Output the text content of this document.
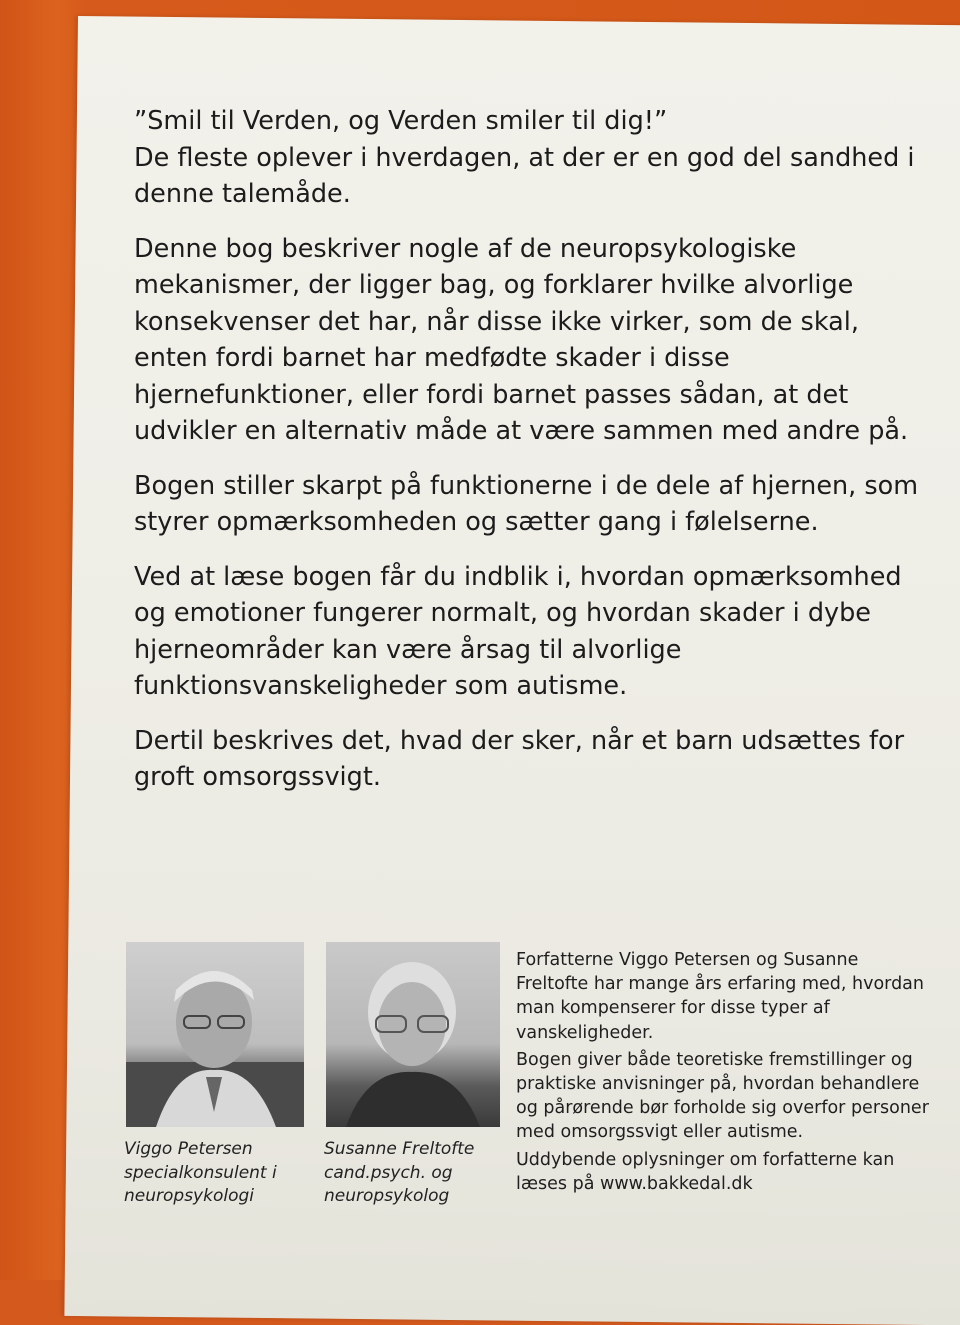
”Smil til Verden, og Verden smiler til dig!”
De fleste oplever i hverdagen, at der er en god del sandhed i denne talemåde.

Denne bog beskriver nogle af de neuropsykologiske mekanismer, der ligger bag, og forklarer hvilke alvorlige konsekvenser det har, når disse ikke virker, som de skal, enten fordi barnet har medfødte skader i disse hjernefunktioner, eller fordi barnet passes sådan, at det udvikler en alternativ måde at være sammen med andre på.

Bogen stiller skarpt på funktionerne i de dele af hjernen, som styrer opmærksomheden og sætter gang i følelserne.

Ved at læse bogen får du indblik i, hvordan opmærksomhed og emotioner fungerer normalt, og hvordan skader i dybe hjerneområder kan være årsag til alvorlige funktionsvanskeligheder som autisme.

Dertil beskrives det, hvad der sker, når et barn udsættes for groft omsorgssvigt.

Viggo Petersen
specialkonsulent i
neuropsykologi
Susanne Freltofte
cand.psych. og
neuropsykolog

Forfatterne Viggo Petersen og Susanne Freltofte har mange års erfaring med, hvordan man kompenserer for disse typer af vanskeligheder.

Bogen giver både teoretiske fremstillinger og praktiske anvisninger på, hvordan behandlere og pårørende bør forholde sig overfor personer med omsorgssvigt eller autisme.

Uddybende oplysninger om forfatterne kan læses på www.bakkedal.dk
